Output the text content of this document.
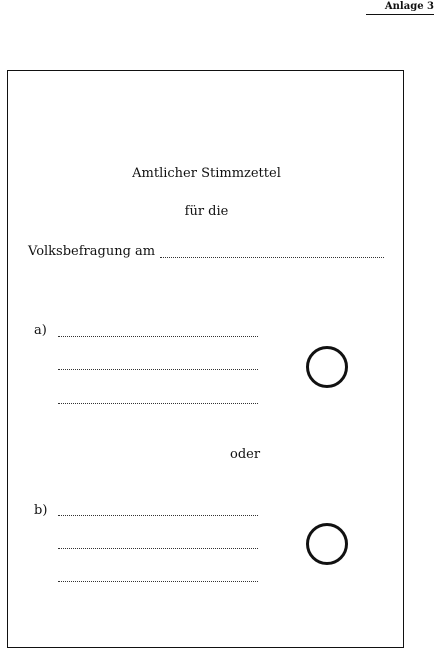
Anlage 3
Amtlicher Stimmzettel
für die
Volksbefragung am
a)
oder
b)
